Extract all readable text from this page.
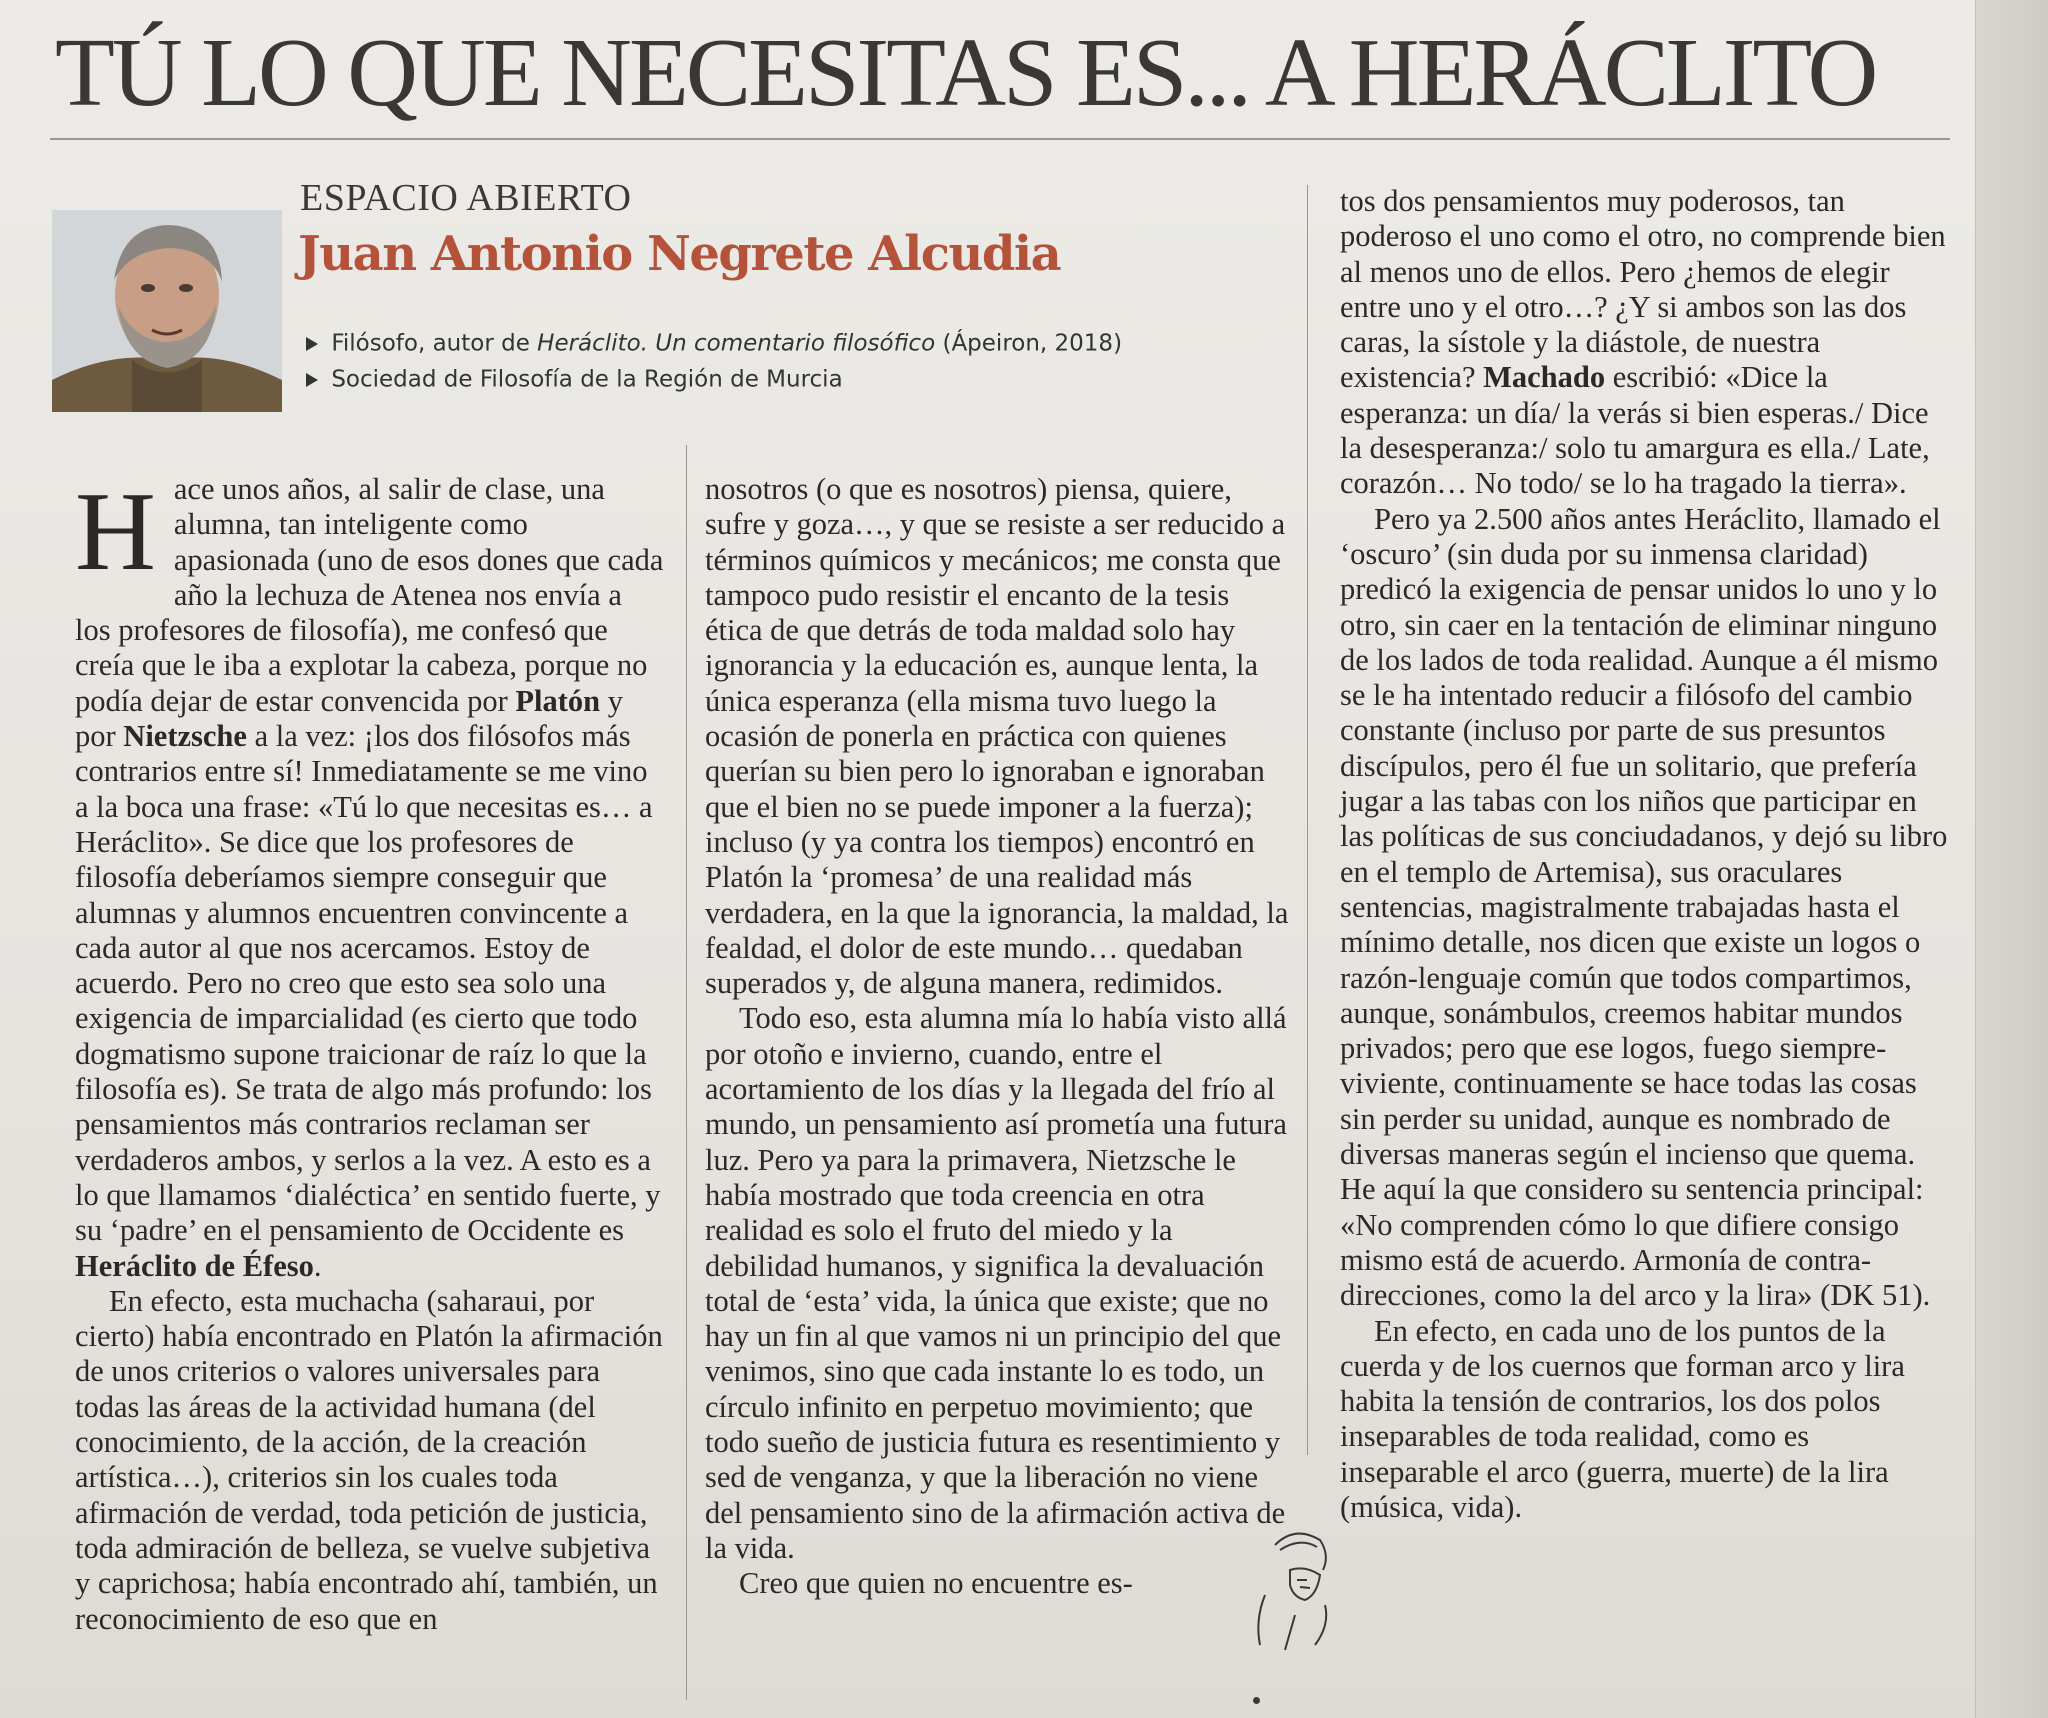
TÚ LO QUE NECESITAS ES... A HERÁCLITO
ESPACIO ABIERTO
Juan Antonio Negrete Alcudia
Filósofo, autor de Heráclito. Un comentario filosófico (Ápeiron, 2018)
Sociedad de Filosofía de la Región de Murcia

Hace unos años, al salir de clase, una alumna, tan inteligente como apasionada (uno de esos dones que cada año la lechuza de Atenea nos envía a los profesores de filosofía), me confesó que creía que le iba a explotar la cabeza, porque no podía dejar de estar convencida por Platón y por Nietzsche a la vez: ¡los dos filósofos más contrarios entre sí! Inmediatamente se me vino a la boca una frase: «Tú lo que necesitas es… a Heráclito». Se dice que los profesores de filosofía deberíamos siempre conseguir que alumnas y alumnos encuentren convincente a cada autor al que nos acercamos. Estoy de acuerdo. Pero no creo que esto sea solo una exigencia de imparcialidad (es cierto que todo dogmatismo supone traicionar de raíz lo que la filosofía es). Se trata de algo más profundo: los pensamientos más contrarios reclaman ser verdaderos ambos, y serlos a la vez. A esto es a lo que llamamos ‘dialéctica’ en sentido fuerte, y su ‘padre’ en el pensamiento de Occidente es Heráclito de Éfeso.

En efecto, esta muchacha (saharaui, por cierto) había encontrado en Platón la afirmación de unos criterios o valores universales para todas las áreas de la actividad humana (del conocimiento, de la acción, de la creación artística…), criterios sin los cuales toda afirmación de verdad, toda petición de justicia, toda admiración de belleza, se vuelve subjetiva y caprichosa; había encontrado ahí, también, un reconocimiento de eso que en

nosotros (o que es nosotros) piensa, quiere, sufre y goza…, y que se resiste a ser reducido a términos químicos y mecánicos; me consta que tampoco pudo resistir el encanto de la tesis ética de que detrás de toda maldad solo hay ignorancia y la educación es, aunque lenta, la única esperanza (ella misma tuvo luego la ocasión de ponerla en práctica con quienes querían su bien pero lo ignoraban e ignoraban que el bien no se puede imponer a la fuerza); incluso (y ya contra los tiempos) encontró en Platón la ‘promesa’ de una realidad más verdadera, en la que la ignorancia, la maldad, la fealdad, el dolor de este mundo… quedaban superados y, de alguna manera, redimidos.

Todo eso, esta alumna mía lo había visto allá por otoño e invierno, cuando, entre el acortamiento de los días y la llegada del frío al mundo, un pensamiento así prometía una futura luz. Pero ya para la primavera, Nietzsche le había mostrado que toda creencia en otra realidad es solo el fruto del miedo y la debilidad humanos, y significa la devaluación total de ‘esta’ vida, la única que existe; que no hay un fin al que vamos ni un principio del que venimos, sino que cada instante lo es todo, un círculo infinito en perpetuo movimiento; que todo sueño de justicia futura es resentimiento y sed de venganza, y que la liberación no viene del pensamiento sino de la afirmación activa de la vida.

Creo que quien no encuentre es-

tos dos pensamientos muy poderosos, tan poderoso el uno como el otro, no comprende bien al menos uno de ellos. Pero ¿hemos de elegir entre uno y el otro…? ¿Y si ambos son las dos caras, la sístole y la diástole, de nuestra existencia? Machado escribió: «Dice la esperanza: un día/ la verás si bien esperas./ Dice la desesperanza:/ solo tu amargura es ella./ Late, corazón… No todo/ se lo ha tragado la tierra».

Pero ya 2.500 años antes Heráclito, llamado el ‘oscuro’ (sin duda por su inmensa claridad) predicó la exigencia de pensar unidos lo uno y lo otro, sin caer en la tentación de eliminar ninguno de los lados de toda realidad. Aunque a él mismo se le ha intentado reducir a filósofo del cambio constante (incluso por parte de sus presuntos discípulos, pero él fue un solitario, que prefería jugar a las tabas con los niños que participar en las políticas de sus conciudadanos, y dejó su libro en el templo de Artemisa), sus oraculares sentencias, magistralmente trabajadas hasta el mínimo detalle, nos dicen que existe un logos o razón-lenguaje común que todos compartimos, aunque, sonámbulos, creemos habitar mundos privados; pero que ese logos, fuego siempre-viviente, continuamente se hace todas las cosas sin perder su unidad, aunque es nombrado de diversas maneras según el incienso que quema. He aquí la que considero su sentencia principal: «No comprenden cómo lo que difiere consigo mismo está de acuerdo. Armonía de contra-direcciones, como la del arco y la lira» (DK 51).

En efecto, en cada uno de los puntos de la cuerda y de los cuernos que forman arco y lira habita la tensión de contrarios, los dos polos inseparables de toda realidad, como es inseparable el arco (guerra, muerte) de la lira (música, vida).
